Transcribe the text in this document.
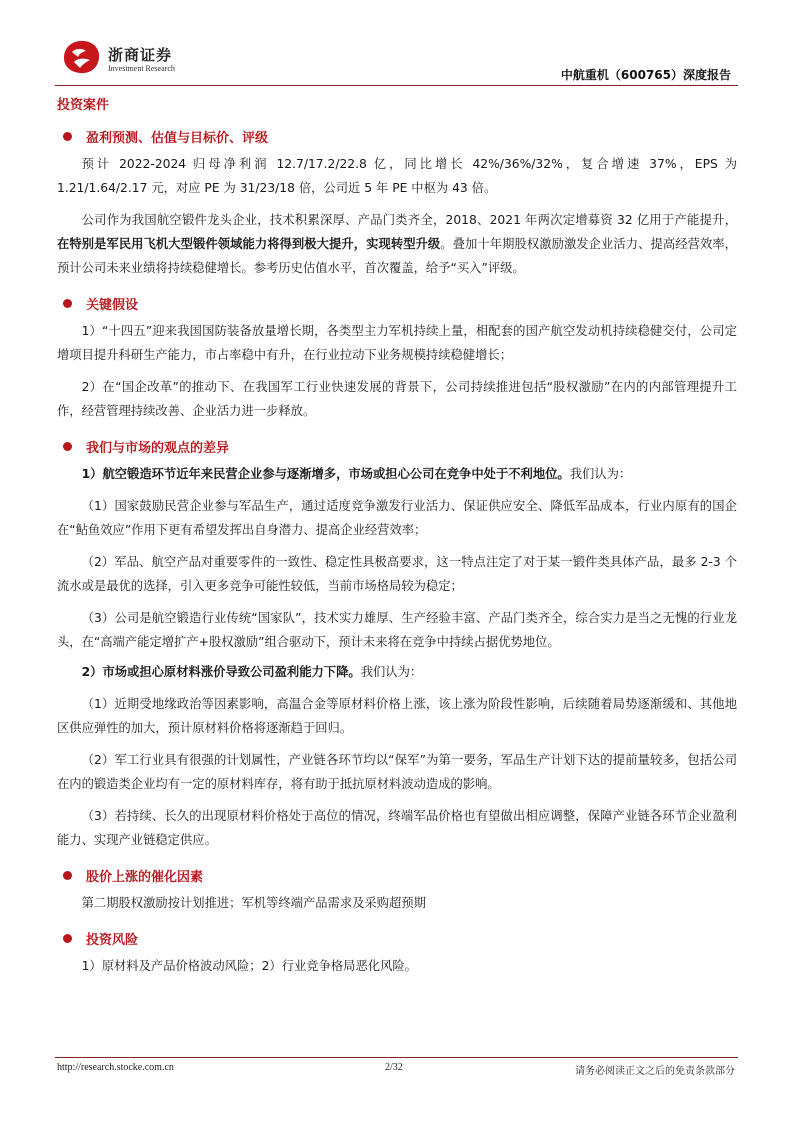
浙商证券
Investment Research	中航重机（600765）深度报告
投资案件
盈利预测、估值与目标价、评级

预计 2022-2024 归母净利润 12.7/17.2/22.8 亿，同比增长 42%/36%/32%，复合增速 37%，EPS 为 1.21/1.64/2.17 元，对应 PE 为 31/23/18 倍，公司近 5 年 PE 中枢为 43 倍。

公司作为我国航空锻件龙头企业，技术积累深厚、产品门类齐全，2018、2021 年两次定增募资 32 亿用于产能提升，在特别是军民用飞机大型锻件领域能力将得到极大提升，实现转型升级。叠加十年期股权激励激发企业活力、提高经营效率，预计公司未来业绩将持续稳健增长。参考历史估值水平，首次覆盖，给予“买入”评级。

关键假设

1）“十四五”迎来我国国防装备放量增长期，各类型主力军机持续上量，相配套的国产航空发动机持续稳健交付，公司定增项目提升科研生产能力，市占率稳中有升，在行业拉动下业务规模持续稳健增长；

2）在“国企改革”的推动下、在我国军工行业快速发展的背景下，公司持续推进包括“股权激励”在内的内部管理提升工作，经营管理持续改善、企业活力进一步释放。

我们与市场的观点的差异

1）航空锻造环节近年来民营企业参与逐渐增多，市场或担心公司在竞争中处于不利地位。我们认为：

（1）国家鼓励民营企业参与军品生产，通过适度竞争激发行业活力、保证供应安全、降低军品成本，行业内原有的国企在“鲇鱼效应”作用下更有希望发挥出自身潜力、提高企业经营效率；

（2）军品、航空产品对重要零件的一致性、稳定性具极高要求，这一特点注定了对于某一锻件类具体产品，最多 2-3 个流水或是最优的选择，引入更多竞争可能性较低，当前市场格局较为稳定；

（3）公司是航空锻造行业传统“国家队”，技术实力雄厚、生产经验丰富、产品门类齐全，综合实力是当之无愧的行业龙头，在“高端产能定增扩产+股权激励”组合驱动下，预计未来将在竞争中持续占据优势地位。

2）市场或担心原材料涨价导致公司盈利能力下降。我们认为：

（1）近期受地缘政治等因素影响，高温合金等原材料价格上涨，该上涨为阶段性影响，后续随着局势逐渐缓和、其他地区供应弹性的加大，预计原材料价格将逐渐趋于回归。

（2）军工行业具有很强的计划属性，产业链各环节均以“保军”为第一要务，军品生产计划下达的提前量较多，包括公司在内的锻造类企业均有一定的原材料库存，将有助于抵抗原材料波动造成的影响。

（3）若持续、长久的出现原材料价格处于高位的情况，终端军品价格也有望做出相应调整，保障产业链各环节企业盈利能力、实现产业链稳定供应。

股价上涨的催化因素

第二期股权激励按计划推进；军机等终端产品需求及采购超预期

投资风险

1）原材料及产品价格波动风险；2）行业竞争格局恶化风险。

http://research.stocke.com.cn	2/32	请务必阅读正文之后的免责条款部分
